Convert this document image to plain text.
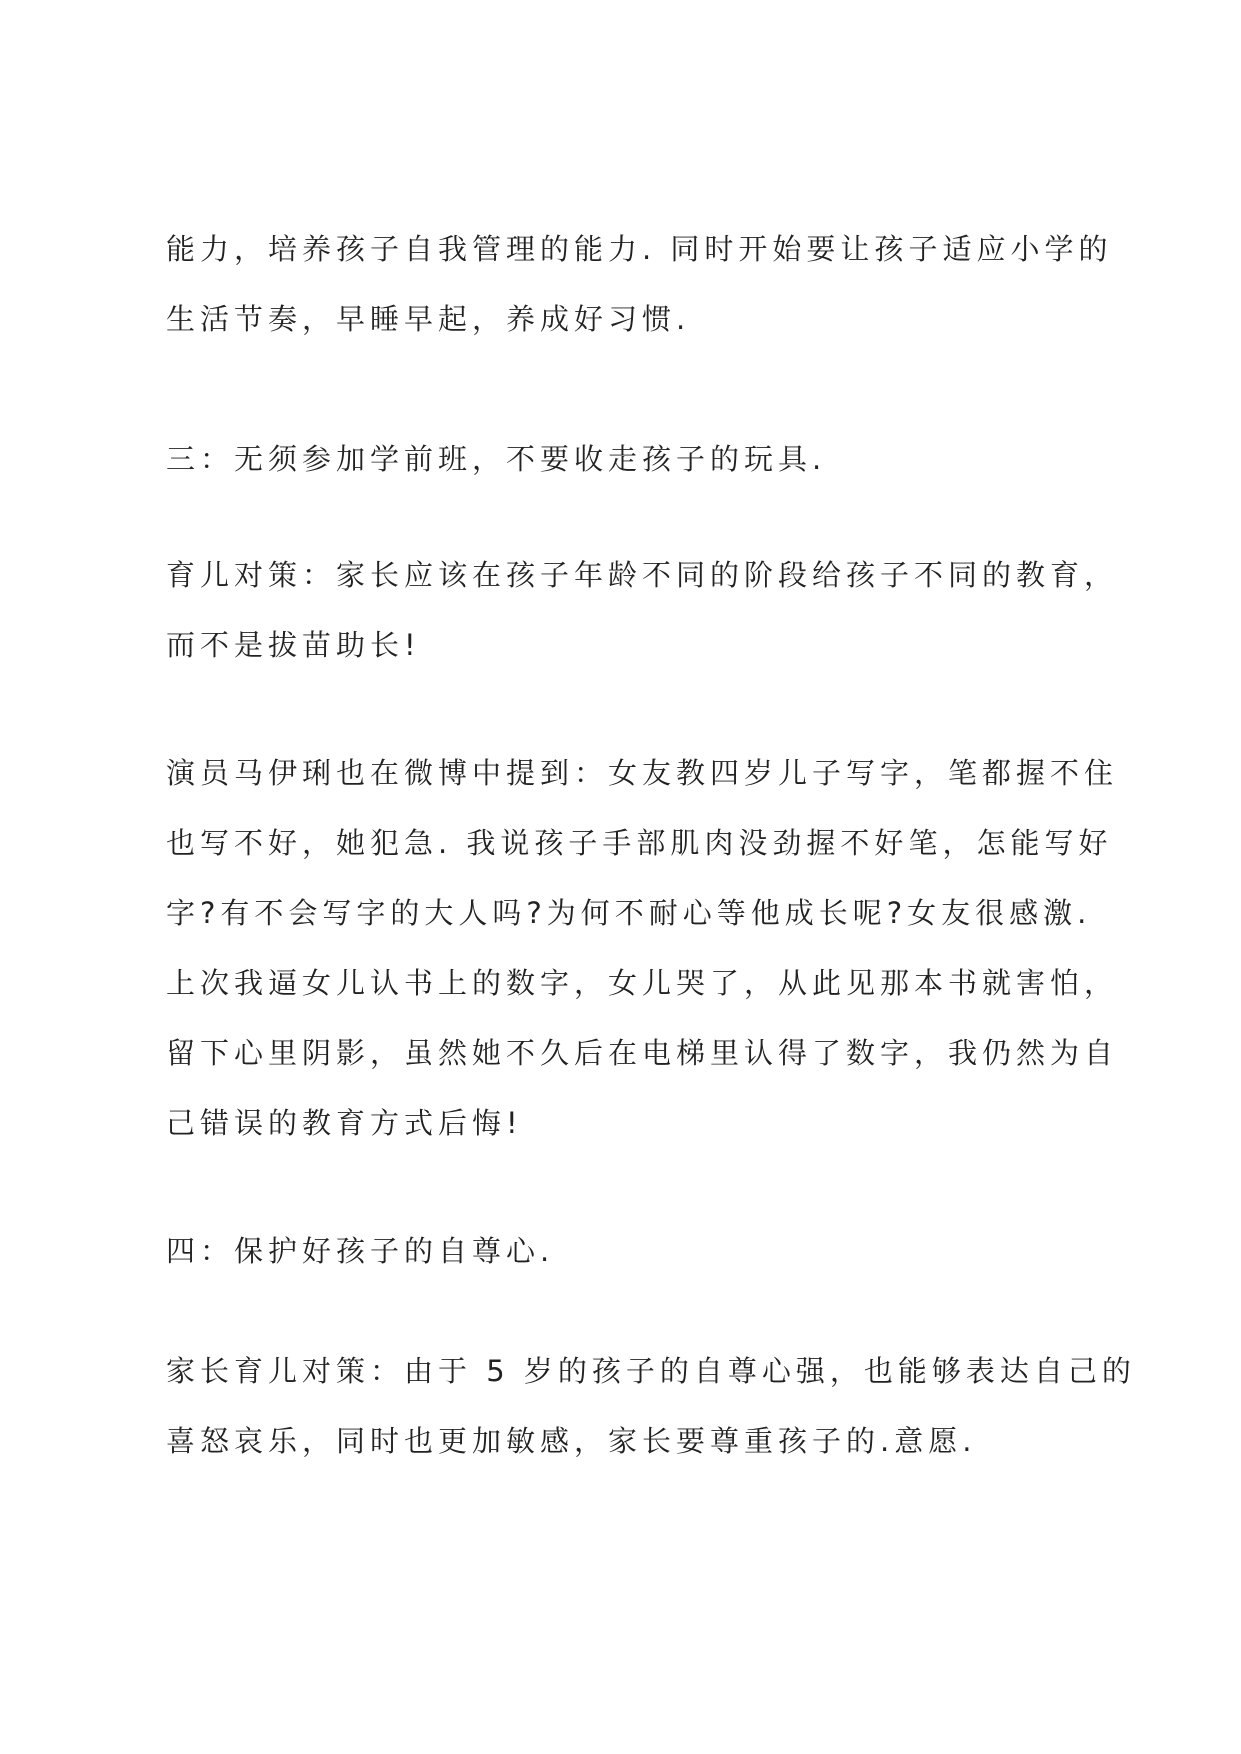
能力，培养孩子自我管理的能力. 同时开始要让孩子适应小学的
生活节奏，早睡早起，养成好习惯.
三：无须参加学前班，不要收走孩子的玩具.
育儿对策：家长应该在孩子年龄不同的阶段给孩子不同的教育，
而不是拔苗助长!
演员马伊琍也在微博中提到：女友教四岁儿子写字，笔都握不住
也写不好，她犯急. 我说孩子手部肌肉没劲握不好笔，怎能写好
字?有不会写字的大人吗?为何不耐心等他成长呢?女友很感激.
上次我逼女儿认书上的数字，女儿哭了，从此见那本书就害怕，
留下心里阴影，虽然她不久后在电梯里认得了数字，我仍然为自
己错误的教育方式后悔!
四：保护好孩子的自尊心.
家长育儿对策：由于 5 岁的孩子的自尊心强，也能够表达自己的
喜怒哀乐，同时也更加敏感，家长要尊重孩子的.意愿.
